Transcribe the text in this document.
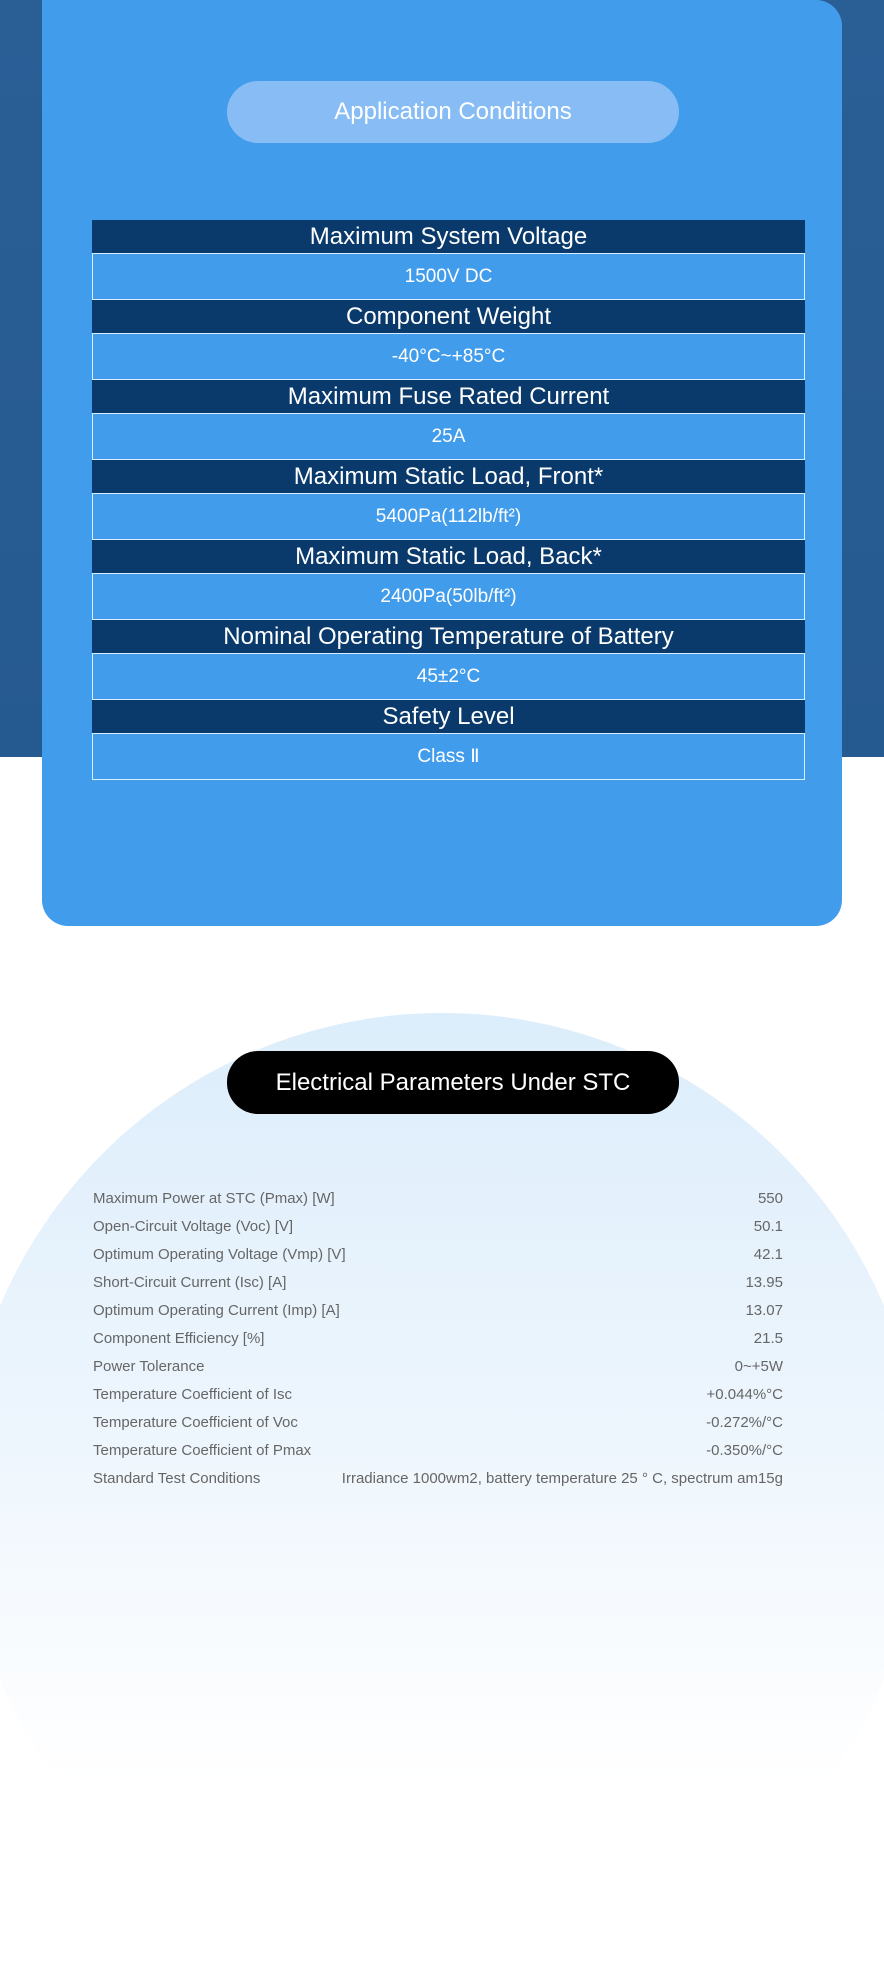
Application Conditions
Maximum System Voltage
1500V DC
Component Weight
-40°C~+85°C
Maximum Fuse Rated Current
25A
Maximum Static Load, Front*
5400Pa(112lb/ft²)
Maximum Static Load, Back*
2400Pa(50lb/ft²)
Nominal Operating Temperature of Battery
45±2°C
Safety Level
Class Ⅱ
Electrical Parameters Under STC
Maximum Power at STC (Pmax) [W]	550
Open-Circuit Voltage (Voc) [V]	50.1
Optimum Operating Voltage (Vmp) [V]	42.1
Short-Circuit Current (Isc) [A]	13.95
Optimum Operating Current (Imp) [A]	13.07
Component Efficiency [%]	21.5
Power Tolerance	0~+5W
Temperature Coefficient of Isc	+0.044%°C
Temperature Coefficient of Voc	-0.272%/°C
Temperature Coefficient of Pmax	-0.350%/°C
Standard Test Conditions	Irradiance 1000wm2, battery temperature 25 ° C, spectrum am15g
